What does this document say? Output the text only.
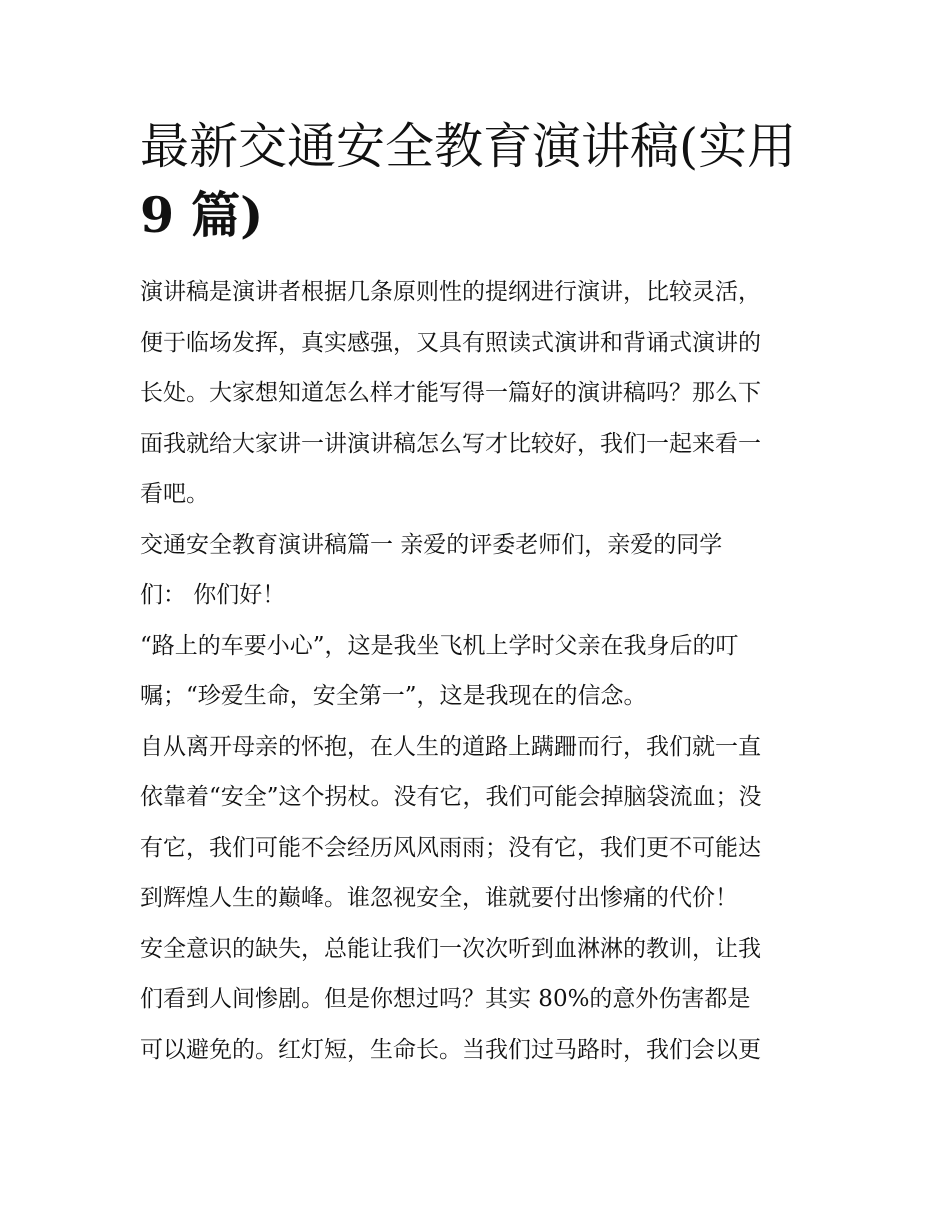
最新交通安全教育演讲稿(实用
9 篇)

演讲稿是演讲者根据几条原则性的提纲进行演讲，比较灵活，
便于临场发挥，真实感强，又具有照读式演讲和背诵式演讲的
长处。大家想知道怎么样才能写得一篇好的演讲稿吗？那么下
面我就给大家讲一讲演讲稿怎么写才比较好，我们一起来看一
看吧。

交通安全教育演讲稿篇一 亲爱的评委老师们，亲爱的同学
们： 你们好！

“路上的车要小心”，这是我坐飞机上学时父亲在我身后的叮
嘱；“珍爱生命，安全第一”，这是我现在的信念。

自从离开母亲的怀抱，在人生的道路上蹒跚而行，我们就一直
依靠着“安全”这个拐杖。没有它，我们可能会掉脑袋流血；没
有它，我们可能不会经历风风雨雨；没有它，我们更不可能达
到辉煌人生的巅峰。谁忽视安全，谁就要付出惨痛的代价！

安全意识的缺失，总能让我们一次次听到血淋淋的教训，让我
们看到人间惨剧。但是你想过吗？其实 80%的意外伤害都是
可以避免的。红灯短，生命长。当我们过马路时，我们会以更
